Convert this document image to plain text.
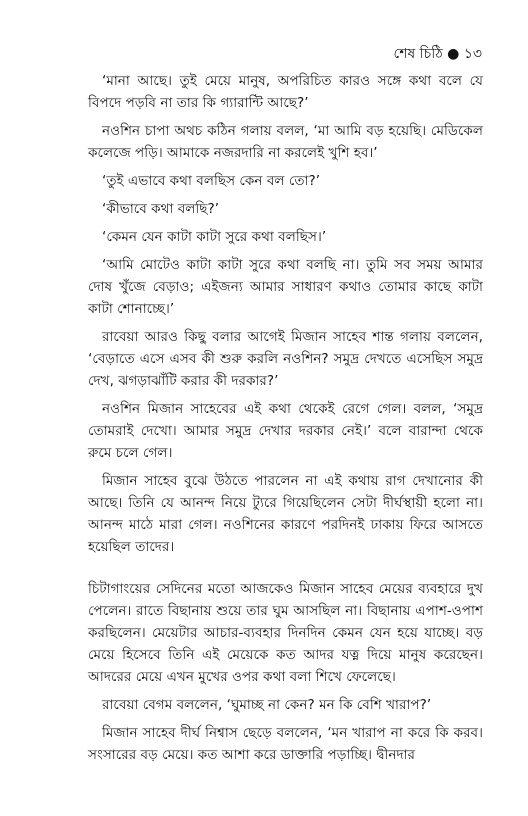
শেষ চিঠি ● ১৩

‘মানা আছে। তুই মেয়ে মানুষ, অপরিচিত কারও সঙ্গে কথা বলে যে বিপদে পড়বি না তার কি গ্যারান্টি আছে?’

নওশিন চাপা অথচ কঠিন গলায় বলল, ‘মা আমি বড় হয়েছি। মেডিকেল কলেজে পড়ি। আমাকে নজরদারি না করলেই খুশি হব।’

‘তুই এভাবে কথা বলছিস কেন বল তো?’

‘কীভাবে কথা বলছি?’

‘কেমন যেন কাটা কাটা সুরে কথা বলছিস।’

‘আমি মোটেও কাটা কাটা সুরে কথা বলছি না। তুমি সব সময় আমার দোষ খুঁজে বেড়াও; এইজন্য আমার সাধারণ কথাও তোমার কাছে কাটা কাটা শোনাচ্ছে।’

রাবেয়া আরও কিছু বলার আগেই মিজান সাহেব শান্ত গলায় বললেন, ‘বেড়াতে এসে এসব কী শুরু করলি নওশিন? সমুদ্র দেখতে এসেছিস সমুদ্র দেখ, ঝগড়াঝাঁটি করার কী দরকার?’

নওশিন মিজান সাহেবের এই কথা থেকেই রেগে গেল। বলল, ‘সমুদ্র তোমরাই দেখো। আমার সমুদ্র দেখার দরকার নেই।’ বলে বারান্দা থেকে রুমে চলে গেল।

মিজান সাহেব বুঝে উঠতে পারলেন না এই কথায় রাগ দেখানোর কী আছে। তিনি যে আনন্দ নিয়ে ট্যুরে গিয়েছিলেন সেটা দীর্ঘস্থায়ী হলো না। আনন্দ মাঠে মারা গেল। নওশিনের কারণে পরদিনই ঢাকায় ফিরে আসতে হয়েছিল তাদের।

চিটাগাংয়ের সেদিনের মতো আজকেও মিজান সাহেব মেয়ের ব্যবহারে দুখ পেলেন। রাতে বিছানায় শুয়ে তার ঘুম আসছিল না। বিছানায় এপাশ-ওপাশ করছিলেন। মেয়েটার আচার-ব্যবহার দিনদিন কেমন যেন হয়ে যাচ্ছে। বড় মেয়ে হিসেবে তিনি এই মেয়েকে কত আদর যত্ন দিয়ে মানুষ করেছেন। আদরের মেয়ে এখন মুখের ওপর কথা বলা শিখে ফেলেছে।

রাবেয়া বেগম বললেন, ‘ঘুমাচ্ছ না কেন? মন কি বেশি খারাপ?’

মিজান সাহেব দীর্ঘ নিশ্বাস ছেড়ে বললেন, ‘মন খারাপ না করে কি করব। সংসারের বড় মেয়ে। কত আশা করে ডাক্তারি পড়াচ্ছি। দ্বীনদার
